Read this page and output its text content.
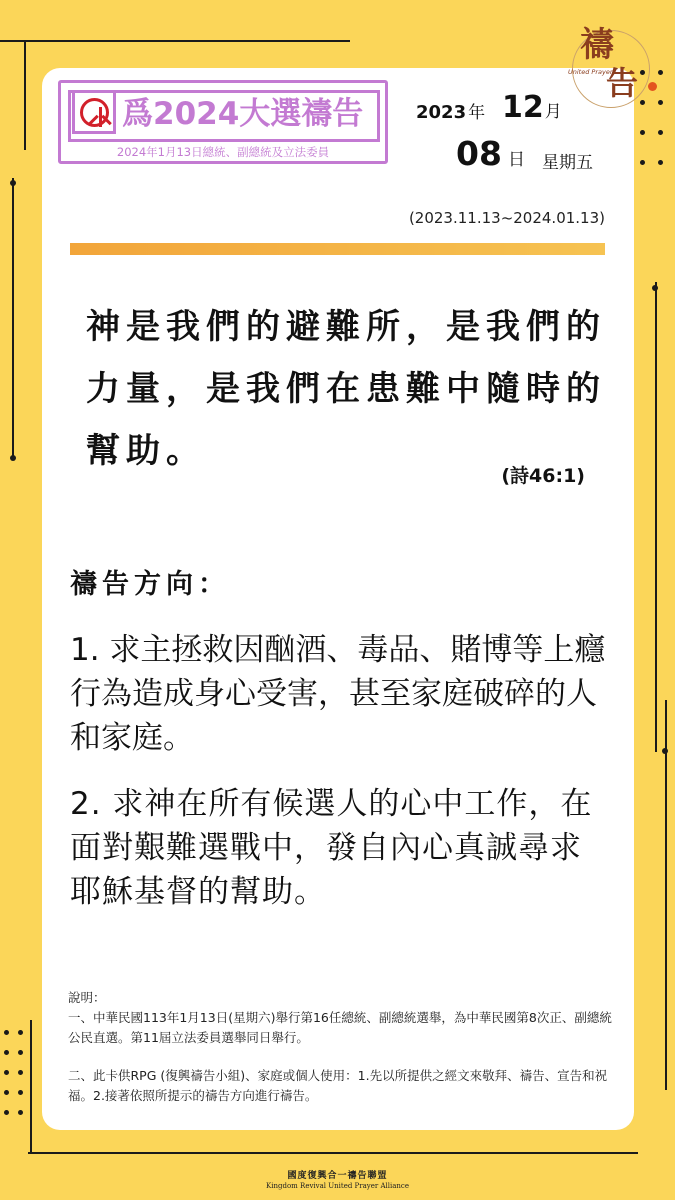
爲2024大選禱告
2024年1月13日總統、副總統及立法委員
2023 年 12月
08 日 星期五
(2023.11.13~2024.01.13)
神是我們的避難所，是我們的力量，是我們在患難中隨時的幫助。
(詩46:1)
禱告方向：
1. 求主拯救因酗酒、毒品、賭博等上癮行為造成身心受害，甚至家庭破碎的人和家庭。
2. 求神在所有候選人的心中工作，在面對艱難選戰中，發自內心真誠尋求耶穌基督的幫助。

說明：

一、中華民國113年1月13日(星期六)舉行第16任總統、副總統選舉，為中華民國第8次正、副總統公民直選。第11屆立法委員選舉同日舉行。

二、此卡供RPG (復興禱告小組)、家庭或個人使用：1.先以所提供之經文來敬拜、禱告、宣告和祝福。2.接著依照所提示的禱告方向進行禱告。

禱
告
United Prayer
國度復興合一禱告聯盟
Kingdom Revival United Prayer Alliance
